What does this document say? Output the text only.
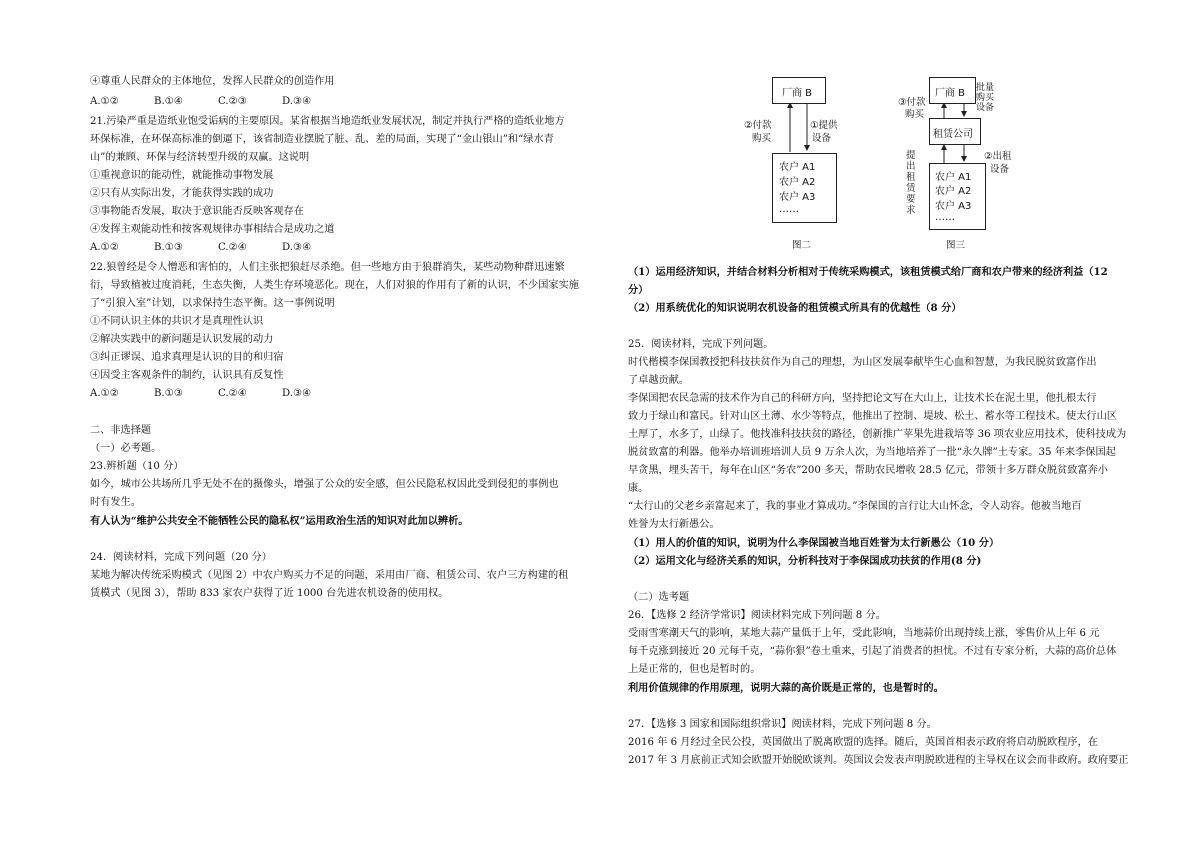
④尊重人民群众的主体地位，发挥人民群众的创造作用
A.①②	B.①④	C.②③	D.③④
21.污染严重是造纸业饱受诟病的主要原因。某省根据当地造纸业发展状况，制定并执行严格的造纸业地方
环保标准，在环保高标准的倒逼下，该省制造业摆脱了脏、乱、差的局面，实现了“金山银山”和“绿水青
山”的兼顾、环保与经济转型升级的双赢。这说明
①重视意识的能动性，就能推动事物发展
②只有从实际出发，才能获得实践的成功
③事物能否发展，取决于意识能否反映客观存在
④发挥主观能动性和按客观规律办事相结合是成功之道
A.①②	B.①③	C.②④	D.③④
22.狼曾经是令人憎恶和害怕的，人们主张把狼赶尽杀绝。但一些地方由于狼群消失，某些动物种群迅速繁
衍，导致植被过度消耗，生态失衡，人类生存环境恶化。现在，人们对狼的作用有了新的认识，不少国家实施
了“引狼入室”计划，以求保持生态平衡。这一事例说明
①不同认识主体的共识才是真理性认识
②解决实践中的新问题是认识发展的动力
③纠正谬误、追求真理是认识的目的和归宿
④因受主客观条件的制约，认识具有反复性
A.①②	B.①③	C.②④	D.③④
二、非选择题
（一）必考题。
23.辨析题（10 分）
如今，城市公共场所几乎无处不在的摄像头，增强了公众的安全感，但公民隐私权因此受到侵犯的事例也
时有发生。
有人认为“维护公共安全不能牺牲公民的隐私权”运用政治生活的知识对此加以辨析。
24．阅读材料，完成下列问题（20 分）
某地为解决传统采购模式（见图 2）中农户购买力不足的问题，采用由厂商、租赁公司、农户三方构建的租
赁模式（见图 3），帮助 833 家农户获得了近 1000 台先进农机设备的使用权。
厂商 B
②付款
购买
①提供
设备
农户 A1
农户 A2
农户 A3
……
图二
厂商 B 批量
购买
设备
③付款
购买
租赁公司
提出租赁要求
②出租
设备
农户 A1
农户 A2
农户 A3
……
图三
（1）运用经济知识，并结合材料分析相对于传统采购模式，该租赁模式给厂商和农户带来的经济利益（12
分）
（2）用系统优化的知识说明农机设备的租赁模式所具有的优越性（8 分）
25．阅读材料，完成下列问题。
时代楷模李保国教授把科技扶贫作为自己的理想，为山区发展奉献毕生心血和智慧，为我民脱贫致富作出
了卓越贡献。
李保国把农民急需的技术作为自己的科研方向，坚持把论文写在大山上，让技术长在泥土里，他扎根太行
致力于绿山和富民。针对山区土薄、水少等特点，他推出了控制、堤坡、松土、蓄水等工程技术。使太行山区
土厚了，水多了，山绿了。他找准科技扶贫的路径，创新推广苹果先进栽培等 36 项农业应用技术，使科技成为
脱贫致富的利器。他举办培训班培训人员 9 万余人次，为当地培养了一批“永久牌”土专家。35 年来李保国起
早贪黑，埋头苦干，每年在山区“务农”200 多天，帮助农民增收 28.5 亿元，带领十多万群众脱贫致富奔小
康。
“太行山的父老乡亲富起来了，我的事业才算成功。”李保国的言行让大山怀念，令人动容。他被当地百
姓誉为太行新愚公。
（1）用人的价值的知识，说明为什么李保国被当地百姓誉为太行新愚公（10 分）
（2）运用文化与经济关系的知识，分析科技对于李保国成功扶贫的作用(8 分)
（二）选考题
26．【选修 2 经济学常识】阅读材料完成下列问题 8 分。
受雨雪寒潮天气的影响，某地大蒜产量低于上年，受此影响，当地蒜价出现持续上涨，零售价从上年 6 元
每千克涨到接近 20 元每千克，“蒜你狠”卷土重来，引起了消费者的担忧。不过有专家分析，大蒜的高价总体
上是正常的，但也是暂时的。
利用价值规律的作用原理，说明大蒜的高价既是正常的，也是暂时的。
27．【选修 3 国家和国际组织常识】阅读材料，完成下列问题 8 分。
2016 年 6 月经过全民公投，英国做出了脱离欧盟的选择。随后，英国首相表示政府将启动脱欧程序，在
2017 年 3 月底前正式知会欧盟开始脱欧谈判。英国议会发表声明脱欧进程的主导权在议会而非政府。政府要正
